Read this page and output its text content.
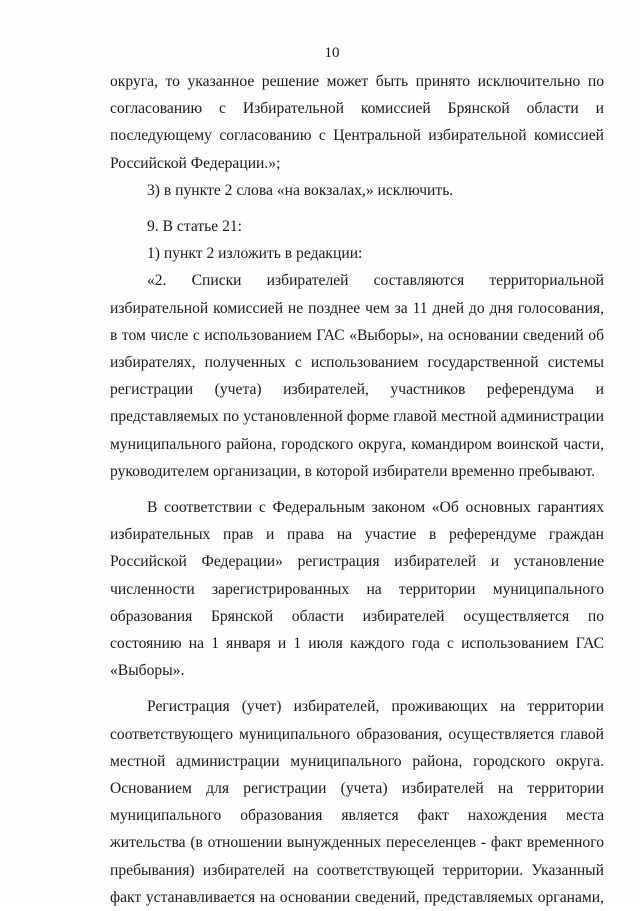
10

округа, то указанное решение может быть принято исключительно по согласованию с Избирательной комиссией Брянской области и последующему согласованию с Центральной избирательной комиссией Российской Федерации.»;

3) в пункте 2 слова «на вокзалах,» исключить.

9. В статье 21:

1) пункт 2 изложить в редакции:

«2. Списки избирателей составляются территориальной избирательной комиссией не позднее чем за 11 дней до дня голосования, в том числе с использованием ГАС «Выборы», на основании сведений об избирателях, полученных с использованием государственной системы регистрации (учета) избирателей, участников референдума и представляемых по установленной форме главой местной администрации муниципального района, городского округа, командиром воинской части, руководителем организации, в которой избиратели временно пребывают.

В соответствии с Федеральным законом «Об основных гарантиях избирательных прав и права на участие в референдуме граждан Российской Федерации» регистрация избирателей и установление численности зарегистрированных на территории муниципального образования Брянской области избирателей осуществляется по состоянию на 1 января и 1 июля каждого года с использованием ГАС «Выборы».

Регистрация (учет) избирателей, проживающих на территории соответствующего муниципального образования, осуществляется главой местной администрации муниципального района, городского округа. Основанием для регистрации (учета) избирателей на территории муниципального образования является факт нахождения места жительства (в отношении вынужденных переселенцев - факт временного пребывания) избирателей на соответствующей территории. Указанный факт устанавливается на основании сведений, представляемых органами,
